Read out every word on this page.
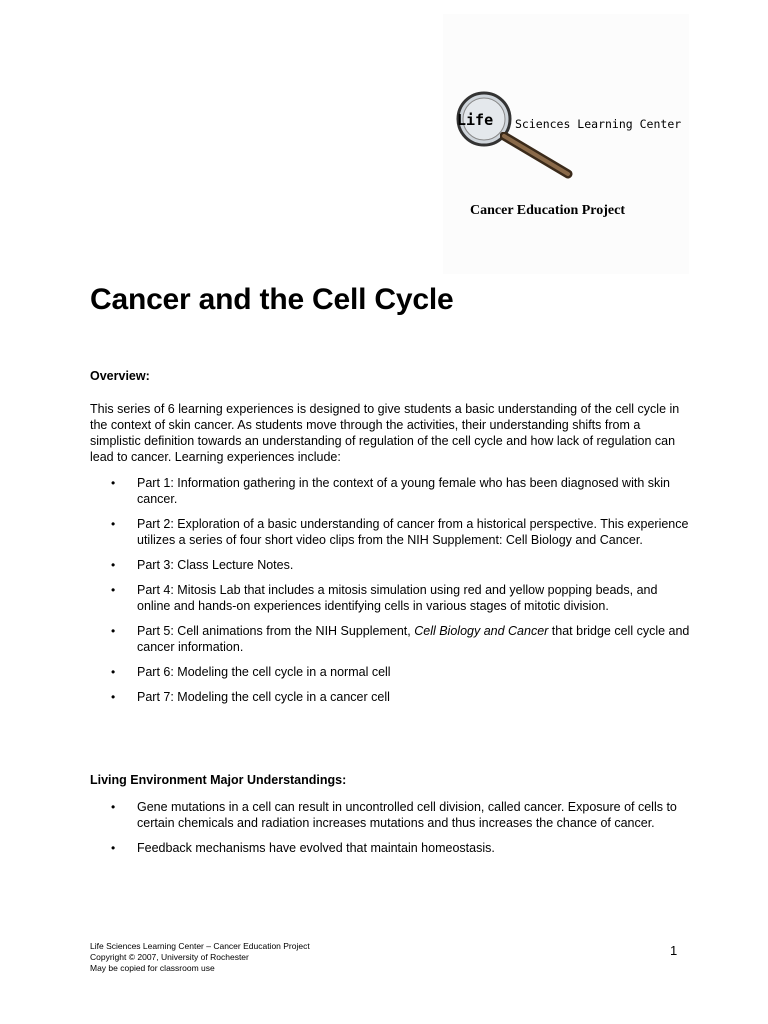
Life Sciences Learning Center
Cancer Education Project
Cancer and the Cell Cycle

Overview:

This series of 6 learning experiences is designed to give students a basic understanding of the cell cycle in the context of skin cancer. As students move through the activities, their understanding shifts from a simplistic definition towards an understanding of regulation of the cell cycle and how lack of regulation can lead to cancer. Learning experiences include:

• Part 1: Information gathering in the context of a young female who has been diagnosed with skin cancer.
• Part 2: Exploration of a basic understanding of cancer from a historical perspective. This experience utilizes a series of four short video clips from the NIH Supplement: Cell Biology and Cancer.
• Part 3: Class Lecture Notes.
• Part 4: Mitosis Lab that includes a mitosis simulation using red and yellow popping beads, and online and hands-on experiences identifying cells in various stages of mitotic division.
• Part 5: Cell animations from the NIH Supplement, Cell Biology and Cancer that bridge cell cycle and cancer information.
• Part 6: Modeling the cell cycle in a normal cell
• Part 7: Modeling the cell cycle in a cancer cell

Living Environment Major Understandings:

• Gene mutations in a cell can result in uncontrolled cell division, called cancer. Exposure of cells to certain chemicals and radiation increases mutations and thus increases the chance of cancer.
• Feedback mechanisms have evolved that maintain homeostasis.
Life Sciences Learning Center – Cancer Education Project
Copyright © 2007, University of Rochester
May be copied for classroom use
1
